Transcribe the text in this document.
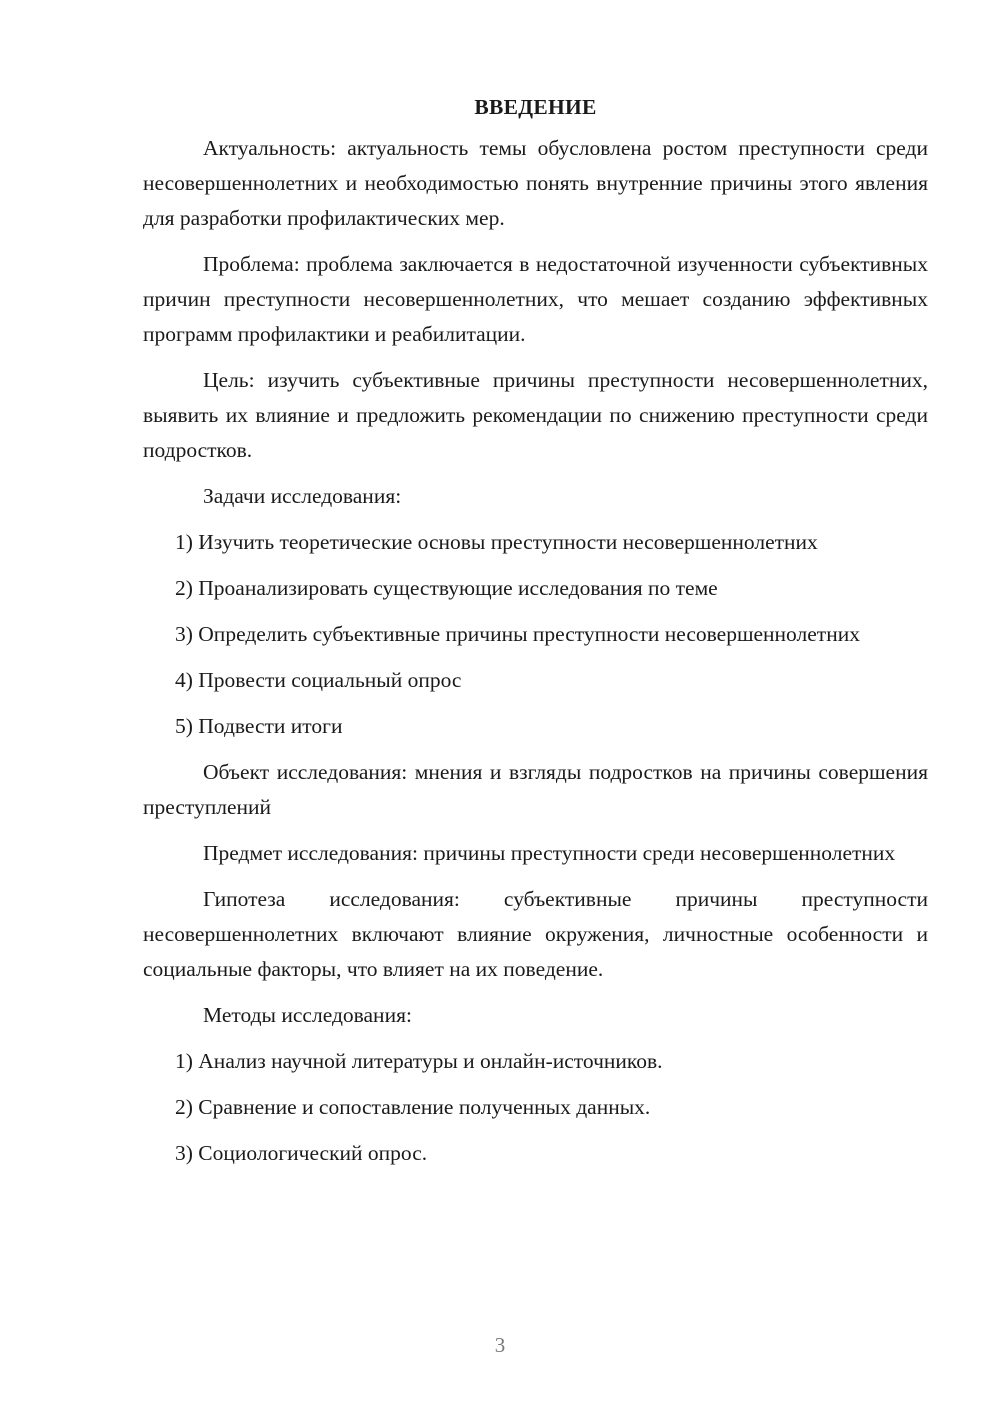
ВВЕДЕНИЕ

Актуальность: актуальность темы обусловлена ростом преступности среди несовершеннолетних и необходимостью понять внутренние причины этого явления для разработки профилактических мер.

Проблема: проблема заключается в недостаточной изученности субъективных причин преступности несовершеннолетних, что мешает созданию эффективных программ профилактики и реабилитации.

Цель: изучить субъективные причины преступности несовершеннолетних, выявить их влияние и предложить рекомендации по снижению преступности среди подростков.

Задачи исследования:

1) Изучить теоретические основы преступности несовершеннолетних

2) Проанализировать существующие исследования по теме

3) Определить субъективные причины преступности несовершеннолетних

4) Провести социальный опрос

5) Подвести итоги

Объект исследования: мнения и взгляды подростков на причины совершения преступлений

Предмет исследования: причины преступности среди несовершеннолетних

Гипотеза исследования: субъективные причины преступности несовершеннолетних включают влияние окружения, личностные особенности и социальные факторы, что влияет на их поведение.

Методы исследования:

1) Анализ научной литературы и онлайн-источников.

2) Сравнение и сопоставление полученных данных.

3) Социологический опрос.

3
